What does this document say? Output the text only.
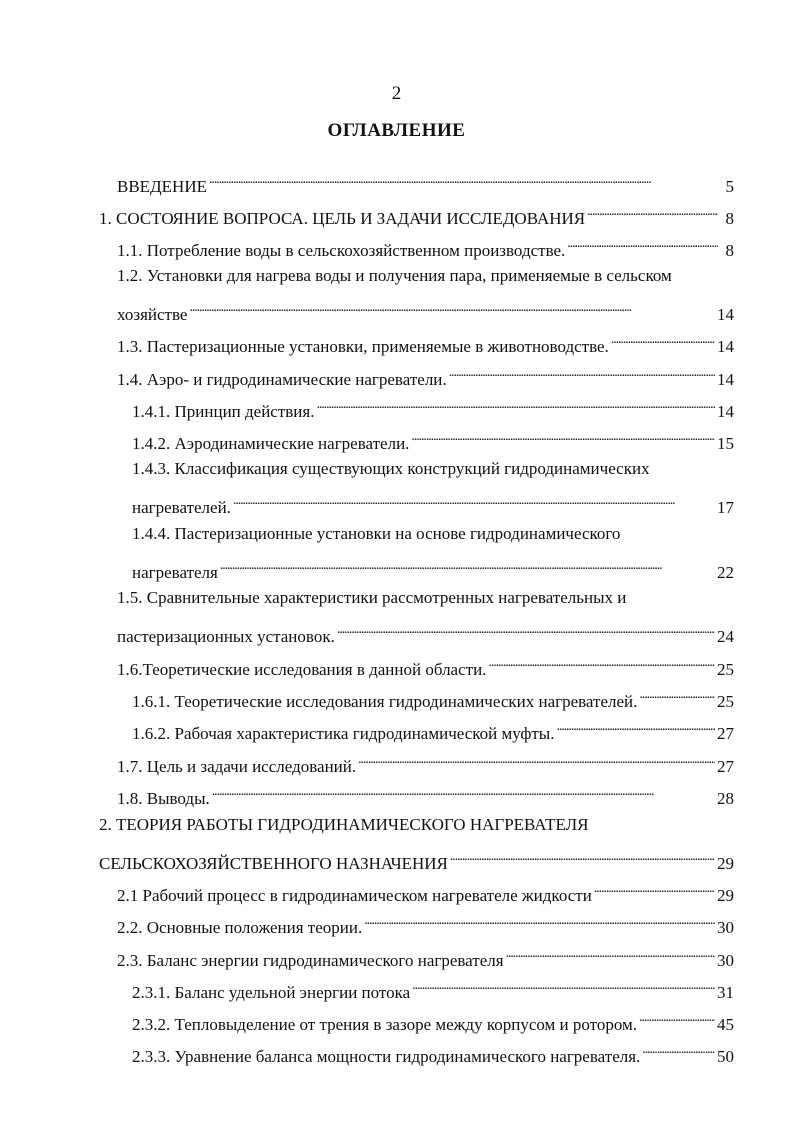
2
ОГЛАВЛЕНИЕ
ВВЕДЕНИЕ . . .	5
1. СОСТОЯНИЕ ВОПРОСА. ЦЕЛЬ И ЗАДАЧИ ИССЛЕДОВАНИЯ . . .	8
1.1. Потребление воды в сельскохозяйственном производстве. . . .	8
1.2. Установки для нагрева воды и получения пара, применяемые в сельском
хозяйстве . . .	14
1.3. Пастеризационные установки, применяемые в животноводстве. . . .	14
1.4. Аэро- и гидродинамические нагреватели. . . .	14
1.4.1. Принцип действия. . . .	14
1.4.2. Аэродинамические нагреватели. . . .	15
1.4.3. Классификация существующих конструкций гидродинамических
нагревателей. . . .	17
1.4.4. Пастеризационные установки на основе гидродинамического
нагревателя . . .	22
1.5. Сравнительные характеристики рассмотренных нагревательных и
пастеризационных установок. . . .	24
1.6.Теоретические исследования в данной области. . . .	25
1.6.1. Теоретические исследования гидродинамических нагревателей. . . .	25
1.6.2. Рабочая характеристика гидродинамической муфты. . . .	27
1.7. Цель и задачи исследований. . . .	27
1.8. Выводы. . . .	28
2. ТЕОРИЯ РАБОТЫ ГИДРОДИНАМИЧЕСКОГО НАГРЕВАТЕЛЯ
СЕЛЬСКОХОЗЯЙСТВЕННОГО НАЗНАЧЕНИЯ . . .	29
2.1 Рабочий процесс в гидродинамическом нагревателе жидкости . . .	29
2.2. Основные положения теории. . . .	30
2.3. Баланс энергии гидродинамического нагревателя . . .	30
2.3.1. Баланс удельной энергии потока . . .	31
2.3.2. Тепловыделение от трения в зазоре между корпусом и ротором. . . .	45
2.3.3. Уравнение баланса мощности гидродинамического нагревателя. . . .	50
